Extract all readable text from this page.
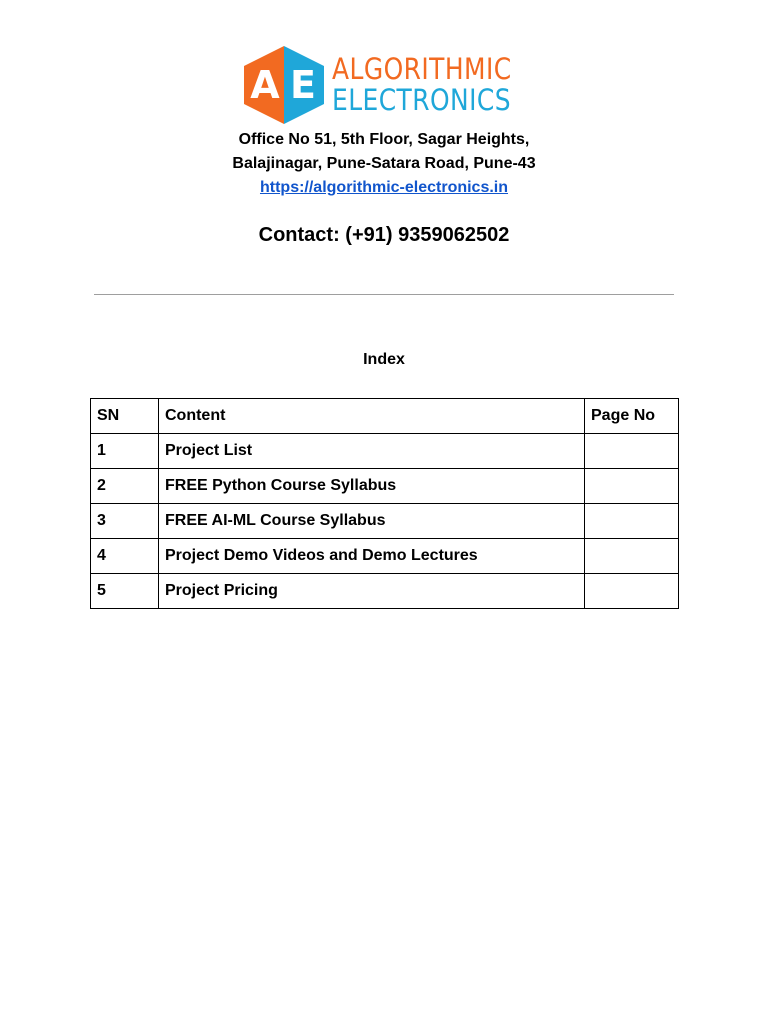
A E ALGORITHMIC
ELECTRONICS
Office No 51, 5th Floor, Sagar Heights,
Balajinagar, Pune-Satara Road, Pune-43
https://algorithmic-electronics.in
Contact: (+91) 9359062502
Index
SN	Content	Page No
1	Project List	
2	FREE Python Course Syllabus	
3	FREE AI-ML Course Syllabus	
4	Project Demo Videos and Demo Lectures	
5	Project Pricing	
